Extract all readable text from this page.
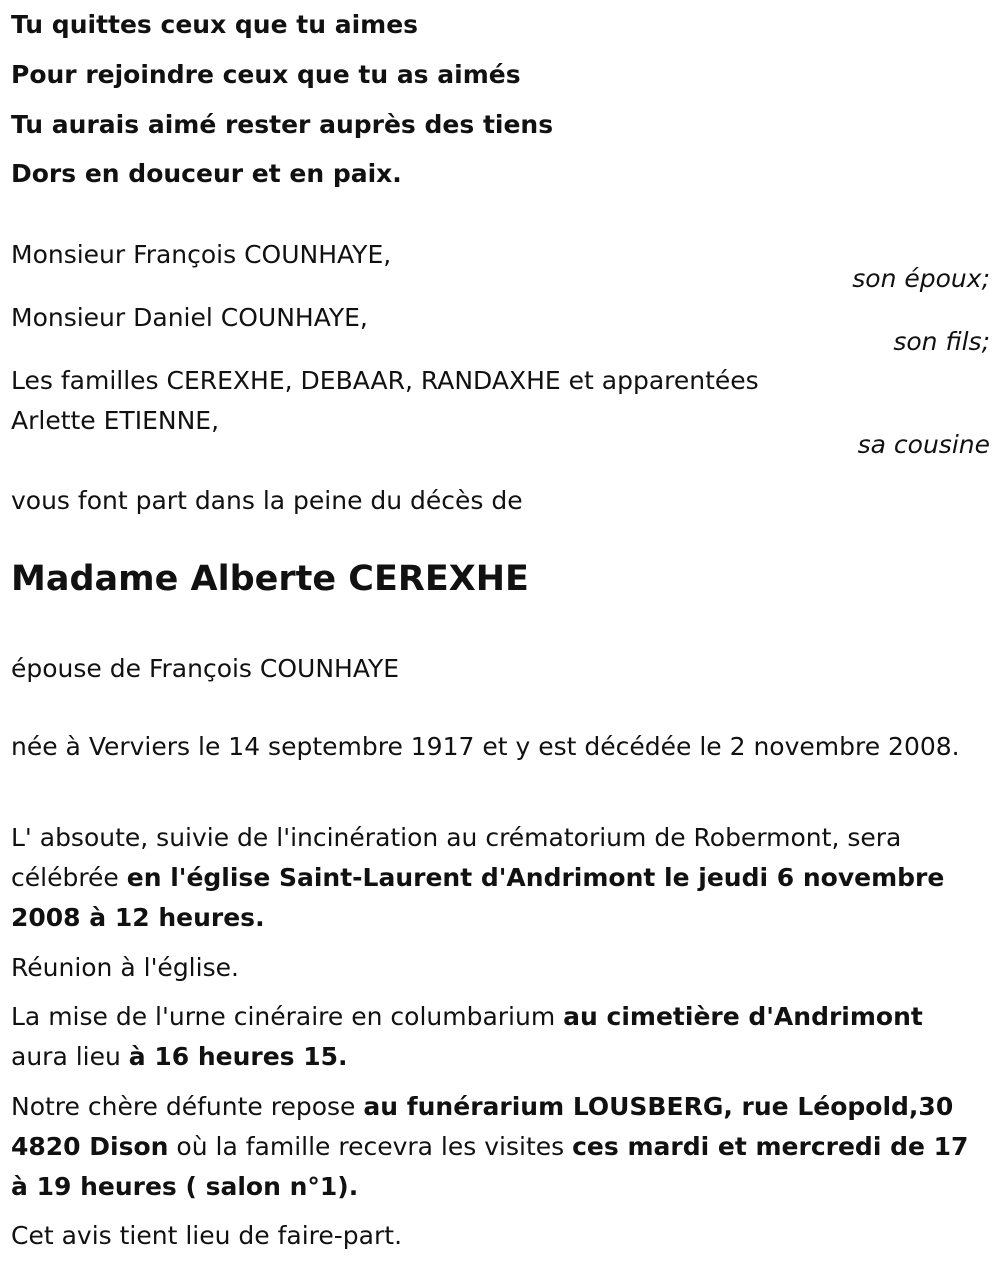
Tu quittes ceux que tu aimes
Pour rejoindre ceux que tu as aimés
Tu aurais aimé rester auprès des tiens
Dors en douceur et en paix.
Monsieur François COUNHAYE,
son époux;
Monsieur Daniel COUNHAYE,
son fils;
Les familles CEREXHE, DEBAAR, RANDAXHE et apparentées
Arlette ETIENNE,
sa cousine
vous font part dans la peine du décès de
Madame Alberte CEREXHE
épouse de François COUNHAYE
née à Verviers le 14 septembre 1917 et y est décédée le 2 novembre 2008.
L' absoute, suivie de l'incinération au crématorium de Robermont, sera célébrée en l'église Saint-Laurent d'Andrimont le jeudi 6 novembre 2008 à 12 heures.
Réunion à l'église.
La mise de l'urne cinéraire en columbarium au cimetière d'Andrimont aura lieu à 16 heures 15.
Notre chère défunte repose au funérarium LOUSBERG, rue Léopold,30 4820 Dison où la famille recevra les visites ces mardi et mercredi de 17 à 19 heures ( salon n°1).
Cet avis tient lieu de faire-part.
